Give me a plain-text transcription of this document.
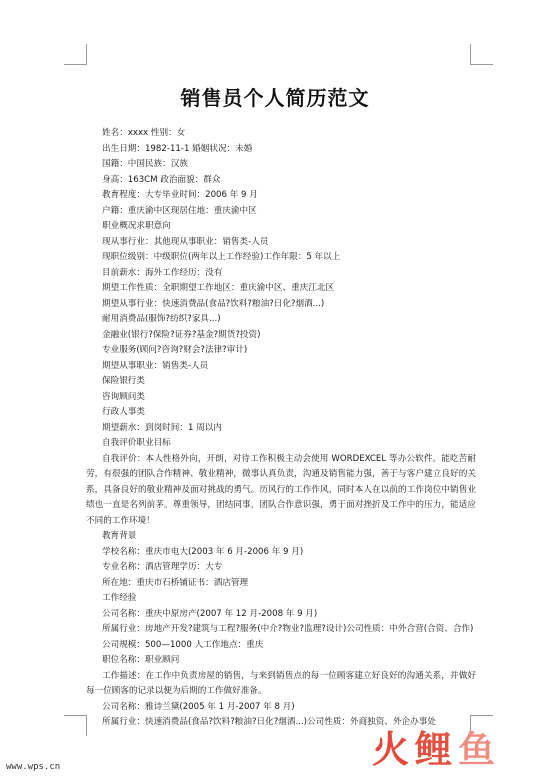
销售员个人简历范文
姓名：xxxx 性别：女
出生日期：1982-11-1 婚姻状况：未婚
国籍：中国民族：汉族
身高：163CM 政治面貌：群众
教育程度：大专毕业时间：2006 年 9 月
户籍：重庆渝中区现居住地：重庆渝中区
职业概况求职意向
现从事行业：其他现从事职业：销售类-人员
现职位级别：中级职位(两年以上工作经验)工作年限：5 年以上
目前薪水：海外工作经历：没有
期望工作性质：全职期望工作地区：重庆渝中区、重庆江北区
期望从事行业：快速消费品(食品?饮料?粮油?日化?烟酒...)
耐用消费品(服饰?纺织?家具...)
金融业(银行?保险?证券?基金?期货?投资)
专业服务(顾问?咨询?财会?法律?审计)
期望从事职业：销售类-人员
保险银行类
咨询顾问类
行政人事类
期望薪水：到岗时间：1 周以内
自我评价职业目标
自我评价：本人性格外向，开朗，对待工作积极主动会使用 WORDEXCEL 等办公软件。能吃苦耐劳，有很强的团队合作精神、敬业精神，微事认真负责，沟通及销售能力强，善于与客户建立良好的关系，具备良好的敬业精神及面对挑战的勇气。历风行的工作作风，同时本人在以前的工作岗位中销售业绩也一直是名列前茅。尊重领导，团结同事，团队合作意识强，勇于面对挫折及工作中的压力，能适应不同的工作环境！
教育背景
学校名称：重庆市电大(2003 年 6 月-2006 年 9 月)
专业名称：酒店管理学历：大专
所在地：重庆市石桥铺证书：酒店管理
工作经验
公司名称：重庆中原房产(2007 年 12 月-2008 年 9 月)
所属行业：房地产开发?建筑与工程?服务(中介?物业?监理?设计)公司性质：中外合营(合资、合作)
公司规模：500—1000 人工作地点：重庆
职位名称：职业顾问
工作描述：在工作中负责房屋的销售，与来到销售点的每一位顾客建立好良好的沟通关系，并做好每一位顾客的记录以便为后期的工作做好准备。
公司名称：雅诗兰黛(2005 年 1 月-2007 年 8 月)
所属行业：快速消费品(食品?饮料?粮油?日化?烟酒...)公司性质：外商独资、外企办事处
www.wps.cn	火鲤鱼
